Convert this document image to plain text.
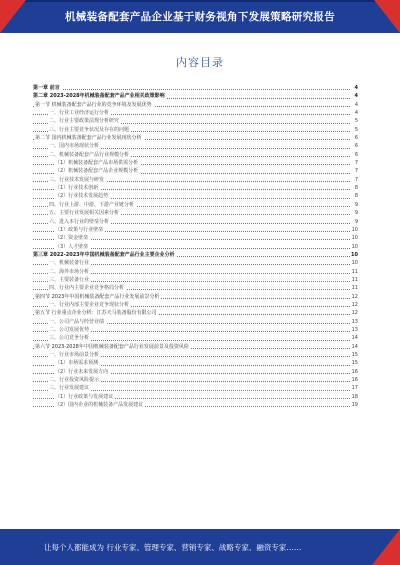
机械装备配套产品企业基于财务视角下发展策略研究报告
内容目录
第一章 前言	4
第二章 2023-2028年机械装备配套产品产业相关政策影响	4
第一节 机械装备配套产品行业的竞争环境及发展优势	4
一、行业工业经济运行分析	4
二、行业主要政策法规分析研究	5
三、行业主要竞争状况及存在的问题	5
第二节 国内机械装备配套产品行业发展现状分析	6
一、国内市场现状分析	6
二、机械装备配套产品行业规模分析	6
（1）机械装备配套产品市场供需分析	7
（2）机械装备配套产品企业规模分析	7
三、行业技术发展与研发	7
（1）行业技术创新	8
（2）行业技术发展趋势	8
四、行业上游、中游、下游产业链分析	9
五、主要行业发展相关因素分析	9
六、进入本行业的壁垒分析	9
（1）政策与行业壁垒	10
（2）资金壁垒	10
（3）人才壁垒	10
第三章 2022-2023年中国机械装备配套产品行业主要企业分析	10
一、机械装备行业	10
二、海外市场分析	11
三、主要装备行业	11
四、行业内主要企业竞争格局分析	11
第四节 2023年中国机械装备配套产品行业发展前景分析	12
一、行业内部主要企业竞争现状分析	12
第五节 行业重点企业分析：江苏天马装备股份有限公司	12
一、公司产品与经营业绩	13
二、公司发展优势	13
三、公司竞争分析	14
第六节 2023-2028年中国机械装备配套产品行业发展前景及投资风险	14
一、行业市场前景分析	15
（1）市场需求预测	15
（2）行业未来发展方向	16
二、行业投资风险提示	16
三、行业发展建议	17
（1）行业政策与发展建议	18
（2）国内企业的机械装备产品发展建议	19
让每个人都能成为 行业专家、管理专家、营销专家、战略专家、融资专家……
